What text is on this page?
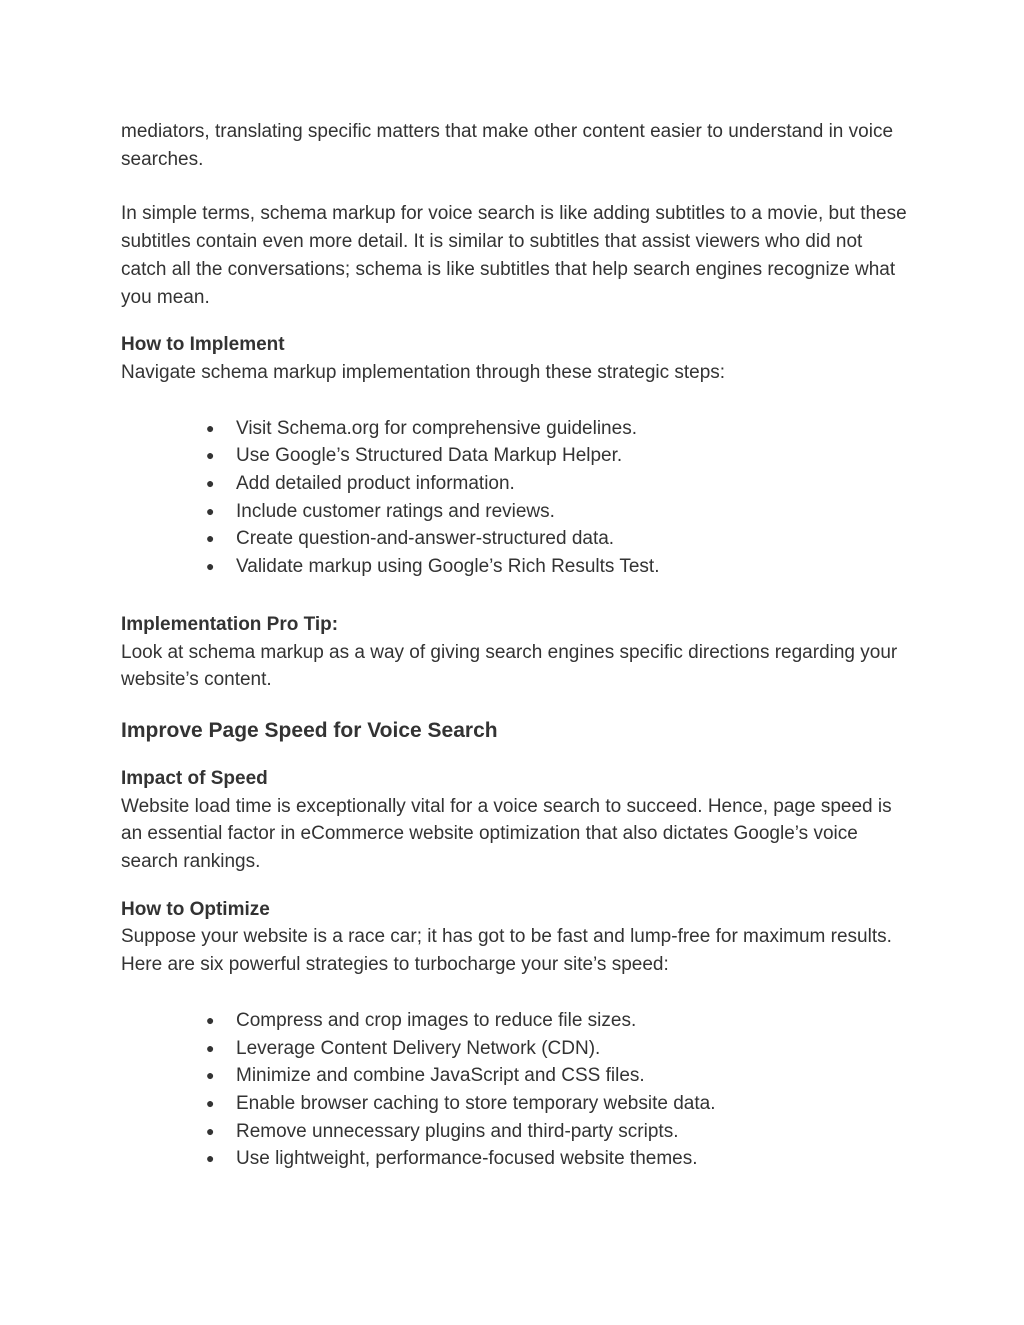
mediators, translating specific matters that make other content easier to understand in voice searches.

In simple terms, schema markup for voice search is like adding subtitles to a movie, but these subtitles contain even more detail. It is similar to subtitles that assist viewers who did not catch all the conversations; schema is like subtitles that help search engines recognize what you mean.

How to Implement

Navigate schema markup implementation through these strategic steps:

● Visit Schema.org for comprehensive guidelines.
● Use Google’s Structured Data Markup Helper.
● Add detailed product information.
● Include customer ratings and reviews.
● Create question-and-answer-structured data.
● Validate markup using Google’s Rich Results Test.

Implementation Pro Tip:

Look at schema markup as a way of giving search engines specific directions regarding your website’s content.

Improve Page Speed for Voice Search

Impact of Speed

Website load time is exceptionally vital for a voice search to succeed. Hence, page speed is an essential factor in eCommerce website optimization that also dictates Google’s voice search rankings.

How to Optimize

Suppose your website is a race car; it has got to be fast and lump-free for maximum results. Here are six powerful strategies to turbocharge your site’s speed:

● Compress and crop images to reduce file sizes.
● Leverage Content Delivery Network (CDN).
● Minimize and combine JavaScript and CSS files.
● Enable browser caching to store temporary website data.
● Remove unnecessary plugins and third-party scripts.
● Use lightweight, performance-focused website themes.
